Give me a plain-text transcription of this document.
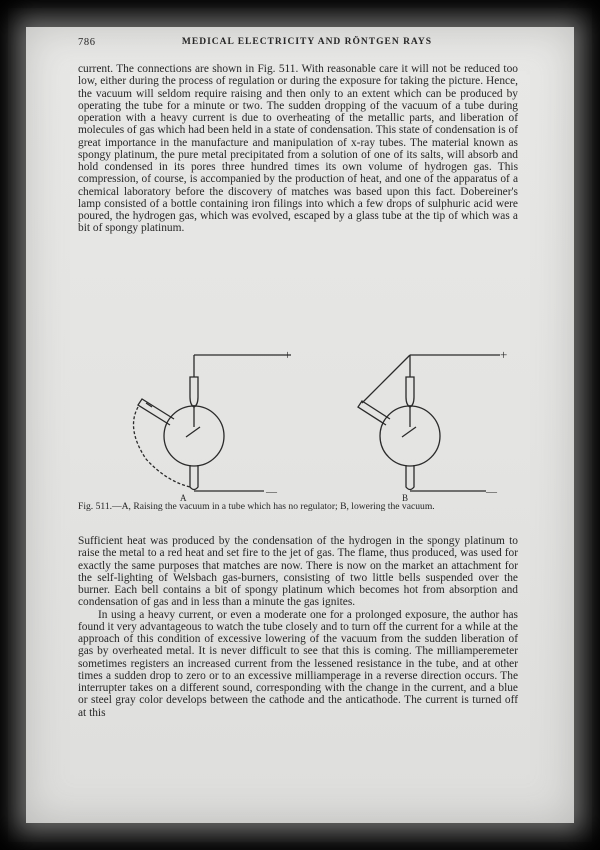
786	MEDICAL ELECTRICITY AND RÖNTGEN RAYS

current. The connections are shown in Fig. 511. With reasonable care it will not be reduced too low, either during the process of regulation or during the exposure for taking the picture. Hence, the vacuum will seldom require raising and then only to an extent which can be produced by operating the tube for a minute or two. The sudden dropping of the vacuum of a tube during operation with a heavy current is due to overheating of the metallic parts, and liberation of molecules of gas which had been held in a state of condensation. This state of condensation is of great importance in the manufacture and manipulation of x-ray tubes. The material known as spongy platinum, the pure metal precipitated from a solution of one of its salts, will absorb and hold condensed in its pores three hundred times its own volume of hydrogen gas. This compression, of course, is accompanied by the production of heat, and one of the apparatus of a chemical laboratory before the discovery of matches was based upon this fact. Dobereiner's lamp consisted of a bottle containing iron filings into which a few drops of sulphuric acid were poured, the hydrogen gas, which was evolved, escaped by a glass tube at the tip of which was a bit of spongy platinum.

+	+
—	—
A	B
Fig. 511.—A, Raising the vacuum in a tube which has no regulator; B, lowering the vacuum.

Sufficient heat was produced by the condensation of the hydrogen in the spongy platinum to raise the metal to a red heat and set fire to the jet of gas. The flame, thus produced, was used for exactly the same purposes that matches are now. There is now on the market an attachment for the self-lighting of Welsbach gas-burners, consisting of two little bells suspended over the burner. Each bell contains a bit of spongy platinum which becomes hot from absorption and condensation of gas and in less than a minute the gas ignites.

In using a heavy current, or even a moderate one for a prolonged exposure, the author has found it very advantageous to watch the tube closely and to turn off the current for a while at the approach of this condition of excessive lowering of the vacuum from the sudden liberation of gas by overheated metal. It is never difficult to see that this is coming. The milliamperemeter sometimes registers an increased current from the lessened resistance in the tube, and at other times a sudden drop to zero or to an excessive milliamperage in a reverse direction occurs. The interrupter takes on a different sound, corresponding with the change in the current, and a blue or steel gray color develops between the cathode and the anticathode. The current is turned off at this
